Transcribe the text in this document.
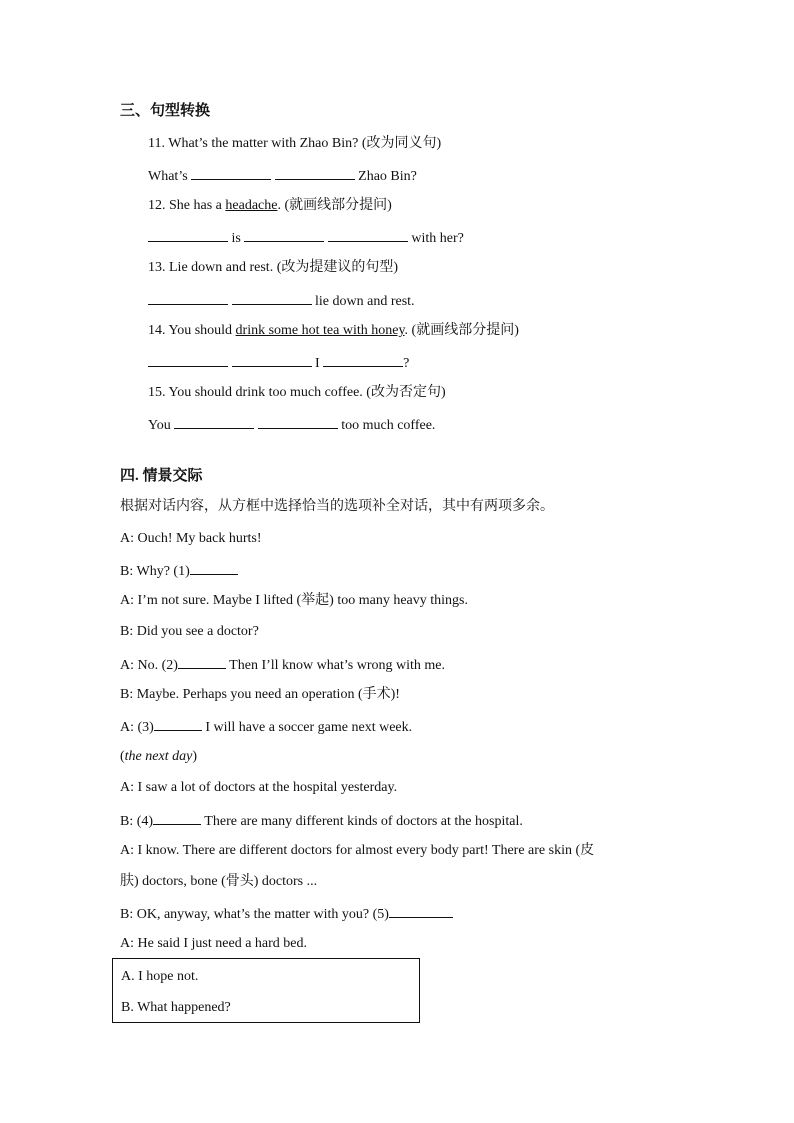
三、句型转换
11. What’s the matter with Zhao Bin? (改为同义句)
What’s	Zhao Bin?
12. She has a headache. (就画线部分提问)
is	with her?
13. Lie down and rest. (改为提建议的句型)
lie down and rest.
14. You should drink some hot tea with honey. (就画线部分提问)
I	?
15. You should drink too much coffee. (改为否定句)
You	too much coffee.
四. 情景交际
根据对话内容，从方框中选择恰当的选项补全对话，其中有两项多余。
A: Ouch! My back hurts!
B: Why? (1)
A: I’m not sure. Maybe I lifted (举起) too many heavy things.
B: Did you see a doctor?
A: No. (2)	Then I’ll know what’s wrong with me.
B: Maybe. Perhaps you need an operation (手术)!
A: (3)	I will have a soccer game next week.
(the next day)
A: I saw a lot of doctors at the hospital yesterday.
B: (4)	There are many different kinds of doctors at the hospital.
A: I know. There are different doctors for almost every body part! There are skin (皮
肤) doctors, bone (骨头) doctors ...
B: OK, anyway, what’s the matter with you? (5)
A: He said I just need a hard bed.
A. I hope not.
B. What happened?
